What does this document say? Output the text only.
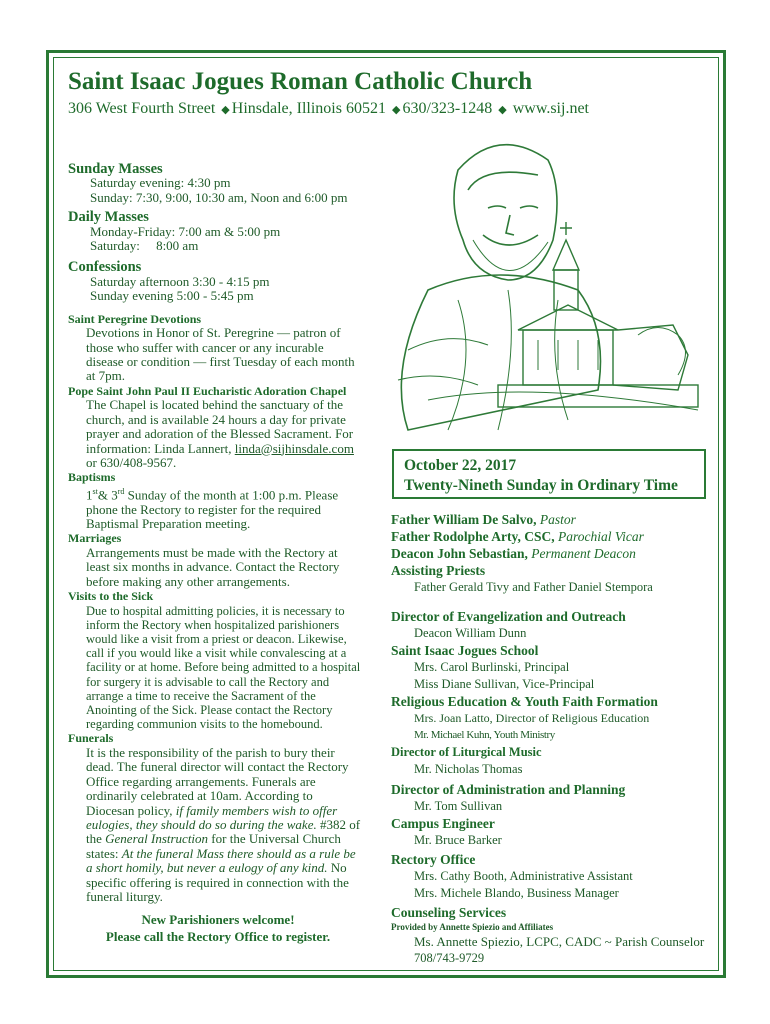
Saint Isaac Jogues Roman Catholic Church
306 West Fourth Street ◆ Hinsdale, Illinois 60521 ◆ 630/323-1248 ◆ www.sij.net
Sunday Masses
Saturday evening: 4:30 pm
Sunday: 7:30, 9:00, 10:30 am, Noon and 6:00 pm
Daily Masses
Monday-Friday: 7:00 am & 5:00 pm
Saturday:     8:00 am
Confessions
Saturday afternoon 3:30 - 4:15 pm
Sunday evening 5:00 - 5:45 pm
Saint Peregrine Devotions
Devotions in Honor of St. Peregrine — patron of those who suffer with cancer or any incurable disease or condition — first Tuesday of each month at 7pm.
Pope Saint John Paul II Eucharistic Adoration Chapel
The Chapel is located behind the sanctuary of the church, and is available 24 hours a day for private prayer and adoration of the Blessed Sacrament. For information: Linda Lannert, linda@sijhinsdale.com or 630/408-9567.
Baptisms
1st& 3rd Sunday of the month at 1:00 p.m. Please phone the Rectory to register for the required Baptismal Preparation meeting.
Marriages
Arrangements must be made with the Rectory at least six months in advance. Contact the Rectory before making any other arrangements.
Visits to the Sick
Due to hospital admitting policies, it is necessary to inform the Rectory when hospitalized parishioners would like a visit from a priest or deacon. Likewise, call if you would like a visit while convalescing at a facility or at home. Before being admitted to a hospital for surgery it is advisable to call the Rectory and arrange a time to receive the Sacrament of the Anointing of the Sick. Please contact the Rectory regarding communion visits to the homebound.
Funerals
It is the responsibility of the parish to bury their dead. The funeral director will contact the Rectory Office regarding arrangements. Funerals are ordinarily celebrated at 10am. According to Diocesan policy, if family members wish to offer eulogies, they should do so during the wake. #382 of the General Instruction for the Universal Church states: At the funeral Mass there should as a rule be a short homily, but never a eulogy of any kind. No specific offering is required in connection with the funeral liturgy.
New Parishioners welcome!
Please call the Rectory Office to register.
October 22, 2017
Twenty-Nineth Sunday in Ordinary Time
Father William De Salvo, Pastor
Father Rodolphe Arty, CSC, Parochial Vicar
Deacon John Sebastian, Permanent Deacon
Assisting Priests
Father Gerald Tivy and Father Daniel Stempora
Director of Evangelization and Outreach
Deacon William Dunn
Saint Isaac Jogues School
Mrs. Carol Burlinski, Principal
Miss Diane Sullivan, Vice-Principal
Religious Education & Youth Faith Formation
Mrs. Joan Latto, Director of Religious Education
Mr. Michael Kuhn, Youth Ministry
Director of Liturgical Music
Mr. Nicholas Thomas
Director of Administration and Planning
Mr. Tom Sullivan
Campus Engineer
Mr. Bruce Barker
Rectory Office
Mrs. Cathy Booth, Administrative Assistant
Mrs. Michele Blando, Business Manager
Counseling Services
Provided by Annette Spiezio and Affiliates
Ms. Annette Spiezio, LCPC, CADC ~ Parish Counselor
708/743-9729
